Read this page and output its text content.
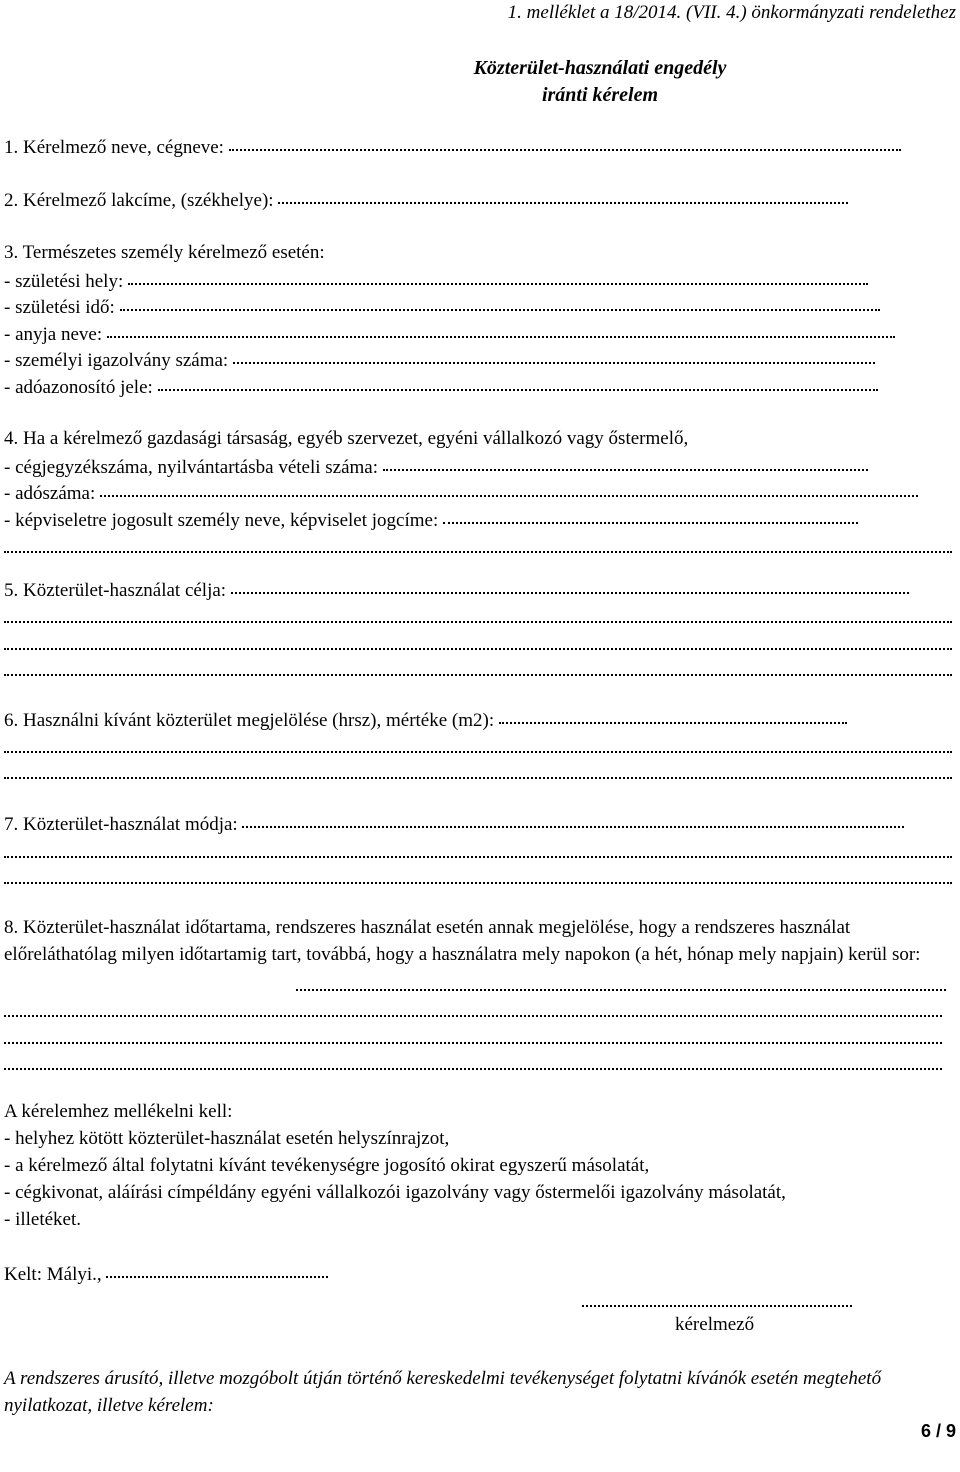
1. melléklet a 18/2014. (VII. 4.) önkormányzati rendelethez
Közterület-használati engedély
iránti kérelem
1. Kérelmező neve, cégneve:
2. Kérelmező lakcíme, (székhelye):
3. Természetes személy kérelmező esetén:
- születési hely:
- születési idő:
- anyja neve:
- személyi igazolvány száma:
- adóazonosító jele:
4. Ha a kérelmező gazdasági társaság, egyéb szervezet, egyéni vállalkozó vagy őstermelő,
- cégjegyzékszáma, nyilvántartásba vételi száma:
- adószáma:
- képviseletre jogosult személy neve, képviselet jogcíme:
5. Közterület-használat célja:
6. Használni kívánt közterület megjelölése (hrsz), mértéke (m2):
7. Közterület-használat módja:
8. Közterület-használat időtartama, rendszeres használat esetén annak megjelölése, hogy a rendszeres használat előreláthatólag milyen időtartamig tart, továbbá, hogy a használatra mely napokon (a hét, hónap mely napjain) kerül sor:
A kérelemhez mellékelni kell:
- helyhez kötött közterület-használat esetén helyszínrajzot,
- a kérelmező által folytatni kívánt tevékenységre jogosító okirat egyszerű másolatát,
- cégkivonat, aláírási címpéldány egyéni vállalkozói igazolvány vagy őstermelői igazolvány másolatát,
- illetéket.
Kelt: Mályi.,
kérelmező
A rendszeres árusító, illetve mozgóbolt útján történő kereskedelmi tevékenységet folytatni kívánók esetén megtehető nyilatkozat, illetve kérelem:
6 / 9
